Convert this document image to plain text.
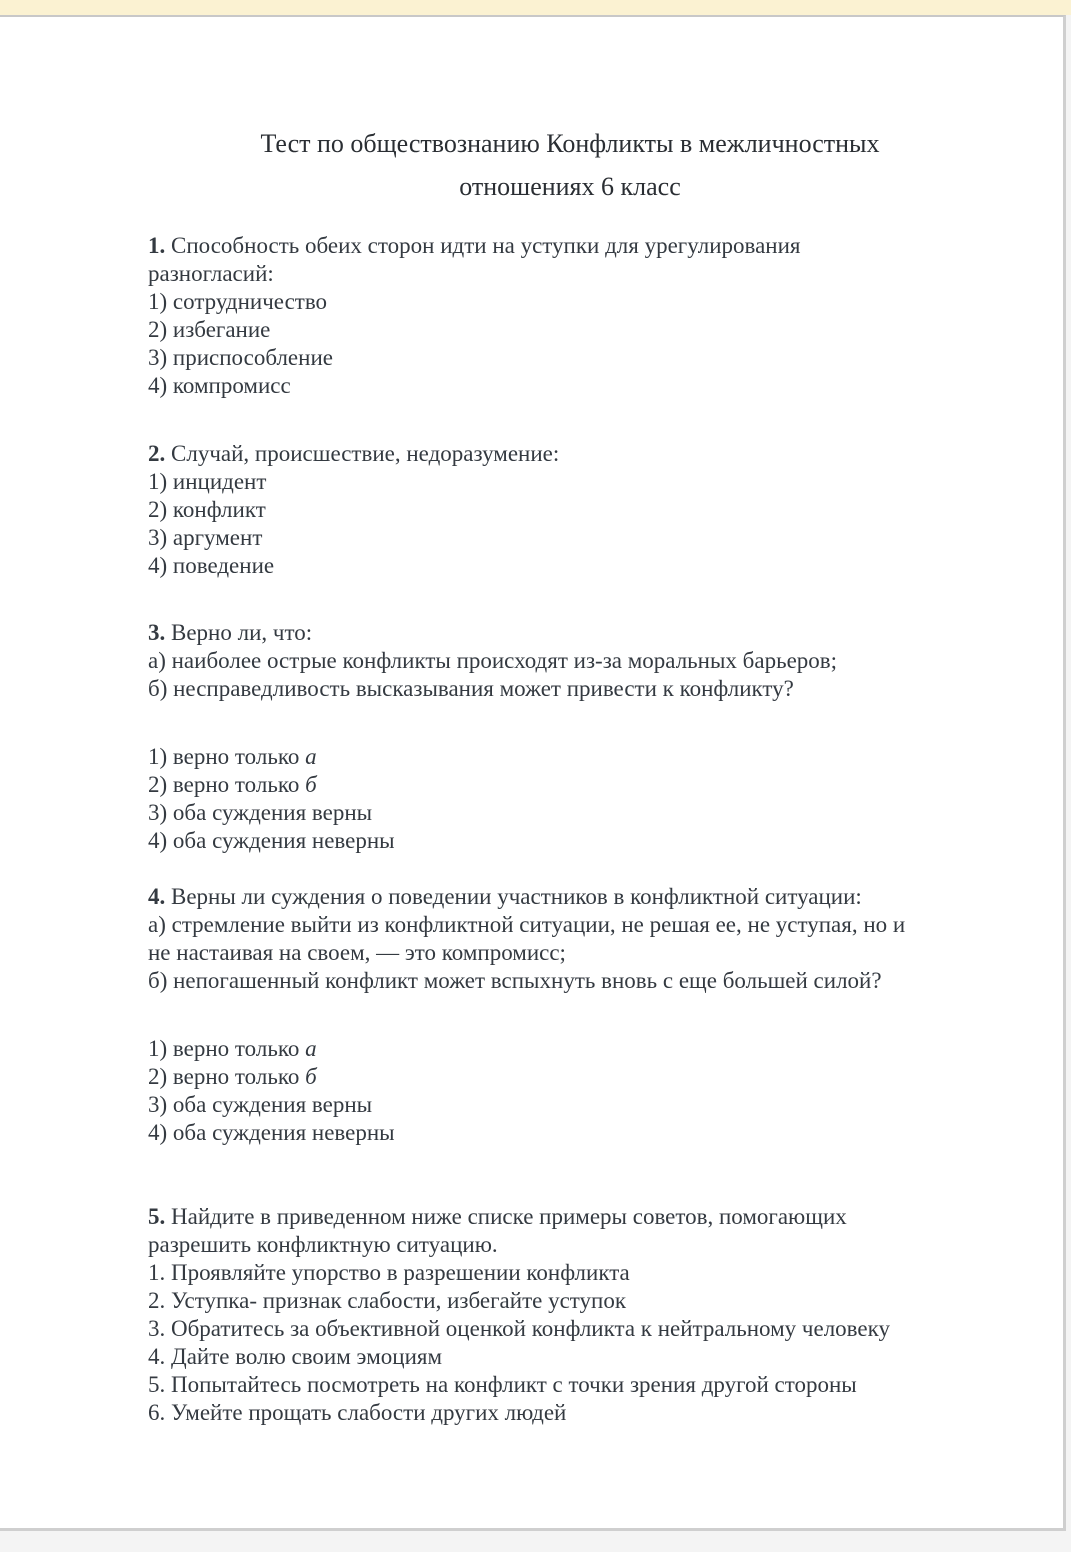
Тест по обществознанию Конфликты в межличностных
отношениях 6 класс
1. Способность обеих сторон идти на уступки для урегулирования
разногласий:
1) сотрудничество
2) избегание
3) приспособление
4) компромисс
2. Случай, происшествие, недоразумение:
1) инцидент
2) конфликт
3) аргумент
4) поведение
3. Верно ли, что:
а) наиболее острые конфликты происходят из-за моральных барьеров;
б) несправедливость высказывания может привести к конфликту?
1) верно только а
2) верно только б
3) оба суждения верны
4) оба суждения неверны
4. Верны ли суждения о поведении участников в конфликтной ситуации:
а) стремление выйти из конфликтной ситуации, не решая ее, не уступая, но и
не настаивая на своем, — это компромисс;
б) непогашенный конфликт может вспыхнуть вновь с еще большей силой?
1) верно только а
2) верно только б
3) оба суждения верны
4) оба суждения неверны
5. Найдите в приведенном ниже списке примеры советов, помогающих
разрешить конфликтную ситуацию.
1. Проявляйте упорство в разрешении конфликта
2. Уступка- признак слабости, избегайте уступок
3. Обратитесь за объективной оценкой конфликта к нейтральному человеку
4. Дайте волю своим эмоциям
5. Попытайтесь посмотреть на конфликт с точки зрения другой стороны
6. Умейте прощать слабости других людей
